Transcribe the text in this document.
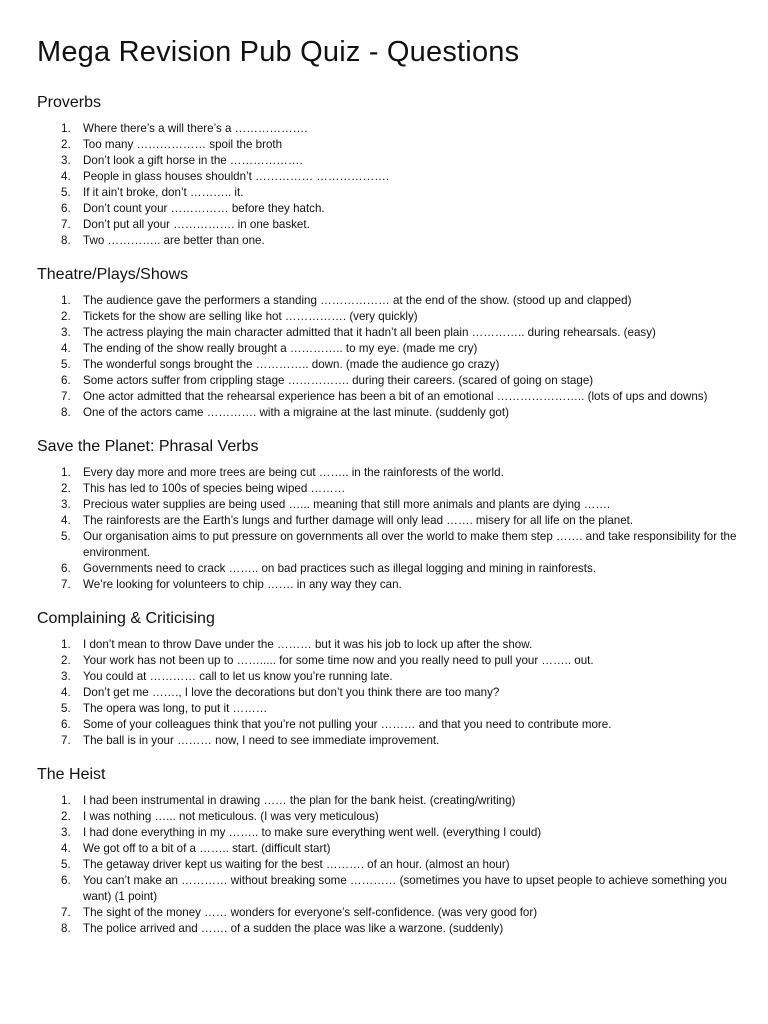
Mega Revision Pub Quiz - Questions
Proverbs
1.	Where there’s a will there’s a ……………….
2.	Too many ……………… spoil the broth
3.	Don’t look a gift horse in the ……………….
4.	People in glass houses shouldn’t …………… ……………….
5.	If it ain’t broke, don’t ……….. it.
6.	Don’t count your …………… before they hatch.
7.	Don’t put all your ……………. in one basket.
8.	Two ………….. are better than one.
Theatre/Plays/Shows
1.	The audience gave the performers a standing ……………… at the end of the show. (stood up and clapped)
2.	Tickets for the show are selling like hot ……………. (very quickly)
3.	The actress playing the main character admitted that it hadn’t all been plain ………….. during rehearsals. (easy)
4.	The ending of the show really brought a ………….. to my eye. (made me cry)
5.	The wonderful songs brought the ………….. down. (made the audience go crazy)
6.	Some actors suffer from crippling stage ……………. during their careers. (scared of going on stage)
7.	One actor admitted that the rehearsal experience has been a bit of an emotional ………………….. (lots of ups and downs)
8.	One of the actors came …………. with a migraine at the last minute. (suddenly got)
Save the Planet: Phrasal Verbs
1.	Every day more and more trees are being cut …….. in the rainforests of the world.
2.	This has led to 100s of species being wiped ………
3.	Precious water supplies are being used …... meaning that still more animals and plants are dying …….
4.	The rainforests are the Earth’s lungs and further damage will only lead ……. misery for all life on the planet.
5.	Our organisation aims to put pressure on governments all over the world to make them step ……. and take responsibility for the environment.
6.	Governments need to crack …….. on bad practices such as illegal logging and mining in rainforests.
7.	We’re looking for volunteers to chip ……. in any way they can.
Complaining & Criticising
1.	I don’t mean to throw Dave under the ……… but it was his job to lock up after the show.
2.	Your work has not been up to ……..... for some time now and you really need to pull your …….. out.
3.	You could at ………… call to let us know you’re running late.
4.	Don’t get me ……., I love the decorations but don’t you think there are too many?
5.	The opera was long, to put it ………
6.	Some of your colleagues think that you’re not pulling your ……… and that you need to contribute more.
7.	The ball is in your ……… now, I need to see immediate improvement.
The Heist
1.	I had been instrumental in drawing …… the plan for the bank heist. (creating/writing)
2.	I was nothing …... not meticulous. (I was very meticulous)
3.	I had done everything in my …….. to make sure everything went well. (everything I could)
4.	We got off to a bit of a …….. start. (difficult start)
5.	The getaway driver kept us waiting for the best ………. of an hour. (almost an hour)
6.	You can’t make an ………… without breaking some ………… (sometimes you have to upset people to achieve something you want) (1 point)
7.	The sight of the money …… wonders for everyone’s self-confidence. (was very good for)
8.	The police arrived and ……. of a sudden the place was like a warzone. (suddenly)
